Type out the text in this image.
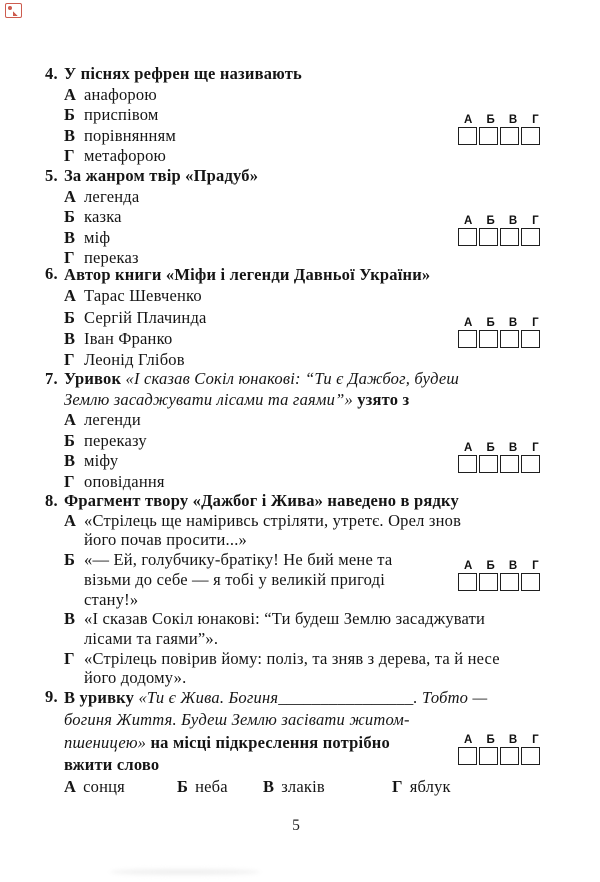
4. У піснях рефрен ще називають
А анафорою
Б приспівом
В порівнянням
Г метафорою
5. За жанром твір «Прадуб»
А легенда
Б казка
В міф
Г переказ
6. Автор книги «Міфи і легенди Давньої України»
А Тарас Шевченко
Б Сергій Плачинда
В Іван Франко
Г Леонід Глібов
7. Уривок «І сказав Сокіл юнакові: “Ти є Дажбог, будеш
Землю засаджувати лісами та гаями”» узято з
А легенди
Б переказу
В міфу
Г оповідання
8. Фрагмент твору «Дажбог і Жива» наведено в рядку
А «Стрілець ще наміривсь стріляти, утретє. Орел знов
його почав просити...»
Б «— Ей, голубчику-братіку! Не бий мене та
візьми до себе — я тобі у великій пригоді
стану!»
В «І сказав Сокіл юнакові: “Ти будеш Землю засаджувати
лісами та гаями”».
Г «Стрілець повірив йому: поліз, та зняв з дерева, та й несе
його додому».
9. В уривку «Ти є Жива. Богиня________________. Тобто —
богиня Життя. Будеш Землю засівати житом-
пшеницею» на місці підкреслення потрібно
вжити слово
А сонця	Б неба В злаків	Г яблук
А	Б	В	Г
А	Б	В	Г
А	Б	В	Г
А	Б	В	Г
А	Б	В	Г
А	Б	В	Г
5
